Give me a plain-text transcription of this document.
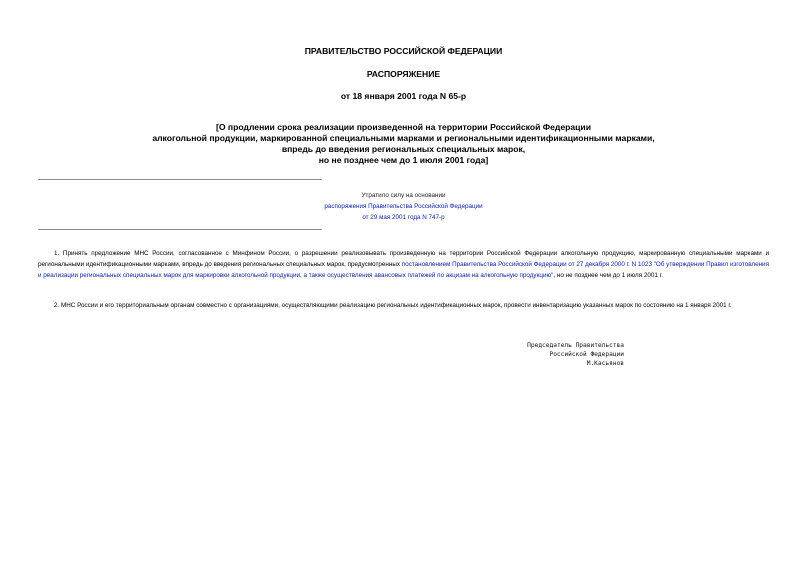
ПРАВИТЕЛЬСТВО РОССИЙСКОЙ ФЕДЕРАЦИИ
РАСПОРЯЖЕНИЕ
от 18 января 2001 года N 65-р
[О продлении срока реализации произведенной на территории Российской Федерации
алкогольной продукции, маркированной специальными марками и региональными идентификационными марками,
впредь до введения региональных специальных марок,
но не позднее чем до 1 июля 2001 года]
Утратило силу на основании
распоряжения Правительства Российской Федерации
от 29 мая 2001 года N 747-р

1. Принять предложение МНС России, согласованное с Минфином России, о разрешении реализовывать произведенную на территории Российской Федерации алкогольную продукцию, маркированную специальными марками и региональными идентификационными марками, впредь до введения региональных специальных марок, предусмотренных постановлением Правительства Российской Федерации от 27 декабря 2000 г. N 1023 "Об утверждении Правил изготовления и реализации региональных специальных марок для маркировки алкогольной продукции, а также осуществления авансовых платежей по акцизам на алкогольную продукцию", но не позднее чем до 1 июля 2001 г.

2. МНС России и его территориальным органам совместно с организациями, осуществляющими реализацию региональных идентификационных марок, провести инвентаризацию указанных марок по состоянию на 1 января 2001 г.

Председатель Правительства
Российской Федерации
М.Касьянов
